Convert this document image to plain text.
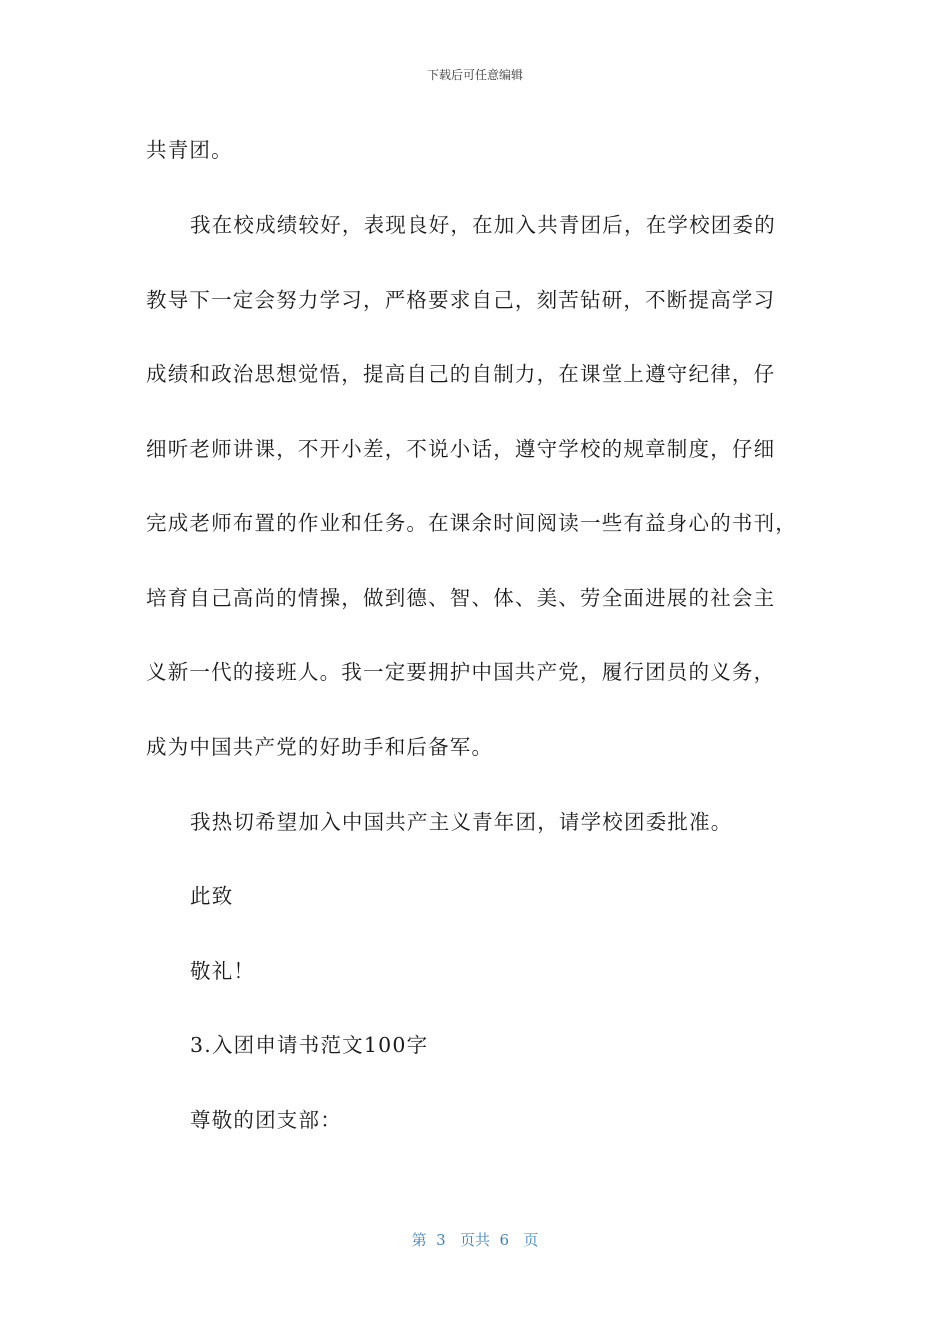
下载后可任意编辑
共青团。
我在校成绩较好，表现良好，在加入共青团后，在学校团委的
教导下一定会努力学习，严格要求自己，刻苦钻研，不断提高学习
成绩和政治思想觉悟，提高自己的自制力，在课堂上遵守纪律，仔
细听老师讲课，不开小差，不说小话，遵守学校的规章制度，仔细
完成老师布置的作业和任务。在课余时间阅读一些有益身心的书刊，
培育自己高尚的情操，做到德、智、体、美、劳全面进展的社会主
义新一代的接班人。我一定要拥护中国共产党，履行团员的义务，
成为中国共产党的好助手和后备军。
我热切希望加入中国共产主义青年团，请学校团委批准。
此致
敬礼！
3.入团申请书范文100字
尊敬的团支部：
第  3   页共  6   页
